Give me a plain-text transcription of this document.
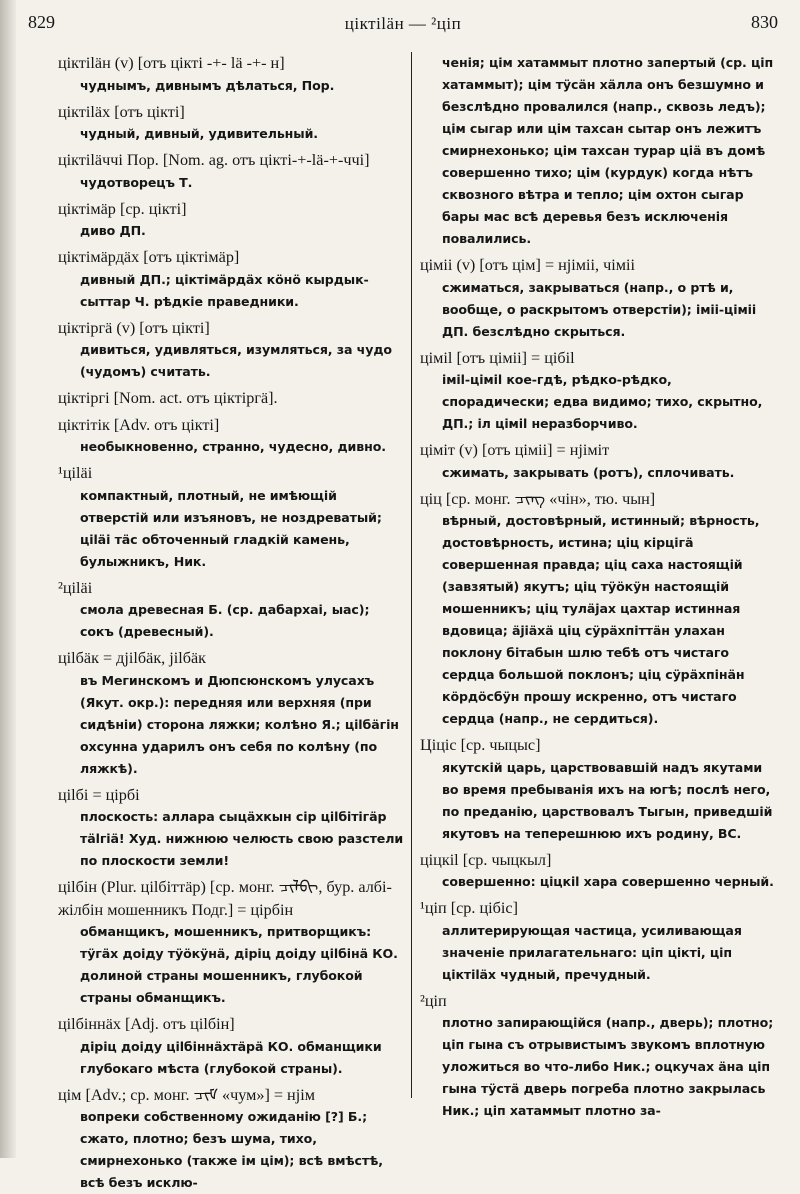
829	цiктiläн — ²цiп	830
цiктiläн (v) [отъ цiкті -+- lä -+- н]
чуднымъ, дивнымъ дѣлаться, Пор.
цiктiläх [отъ цiкті]
чудный, дивный, удивительный.
цiктiläччi Пор. [Nom. ag. отъ цiкті-+-lä-+-ччi]
чудотворецъ Т.
цiктiмäр [ср. цiкті]
диво ДП.
цiктiмäрдäх [отъ цiктiмäр]
дивный ДП.; цiктiмäрдäх кöнö кырдык-сыттар Ч. рѣдкіе праведники.
цiктiргä (v) [отъ цiкті]
дивиться, удивляться, изумляться, за чудо (чудомъ) считать.
цiктiргi [Nom. act. отъ цiктiргä].
цiктiтiк [Adv. отъ цiкті]
необыкновенно, странно, чудесно, дивно.
¹цiläi
компактный, плотный, не имѣющій отверстій или изъяновъ, не ноздреватый; цiläi тäс обточенный гладкій камень, булыжникъ, Ник.
²цiläi
смола древесная Б. (ср. дабархаі, ыас); сокъ (древесный).
цilбäк = дjilбäк, jilбäк
въ Мегинскомъ и Дюпсюнскомъ улусахъ (Якут. окр.): передняя или верхняя (при сидѣніи) сторона ляжки; колѣно Я.; цilбäгiн охсунна ударилъ онъ себя по колѣну (по ляжкѣ).
цilбi = цiрбi
плоскость: аллара сыцäхкын сiр цilбiтiгäр тälгiä! Худ. нижнюю челюсть свою разстели по плоскости земли!
цilбiн (Plur. цilбiттäр) [ср. монг. ᠴᠢᠯᠪᠢ, бур. албі-жілбін мошенникъ Подг.] = цiрбiн
обманщикъ, мошенникъ, притворщикъ: тÿгäх доiду тÿöкÿнä, дiрiц доiду цilбiнä КО. долиной страны мошенникъ, глубокой страны обманщикъ.
цilбiннäх [Adj. отъ цilбiн]
дiрiц доiду цilбiннäхтäрä КО. обманщики глубокаго мѣста (глубокой страны).
цiм [Adv.; ср. монг. ᠴᠢᠮ «чум»] = нjiм
вопреки собственному ожиданію [?] Б.; сжато, плотно; безъ шума, тихо, смирнехонько (также iм цiм); всѣ вмѣстѣ, всѣ безъ исклю-
ченія; цiм хатаммыт плотно запертый (ср. цiп хатаммыт); цiм тÿсäн хäлла онъ безшумно и безслѣдно провалился (напр., сквозь ледъ); цiм сыгар или цiм тахсан сытар онъ лежитъ смирнехонько; цiм тахсан турар цiä въ домѣ совершенно тихо; цiм (курдук) когда нѣтъ сквозного вѣтра и тепло; цiм охтон сыгар бары мас всѣ деревья безъ исключенія повалились.
цiмii (v) [отъ цiм] = нjiмiі, чiмiі
сжиматься, закрываться (напр., о ртѣ и, вообще, о раскрытомъ отверстіи); iмiі-цiмiі ДП. безслѣдно скрыться.
цiмil [отъ цiмiі] = цiбil
iмil-цiмil кое-гдѣ, рѣдко-рѣдко, спорадически; едва видимо; тихо, скрытно, ДП.; iл цiмil неразборчиво.
цiмiт (v) [отъ цiмiі] = нjiмiт
сжимать, закрывать (ротъ), сплочивать.
цiц [ср. монг. ᠴᠢᠩ «чiн», тю. чын]
вѣрный, достовѣрный, истинный; вѣрность, достовѣрность, истина; цiц кiрцiгä совершенная правда; цiц саха настоящій (завзятый) якутъ; цiц тÿöкÿн настоящій мошенникъ; цiц тулäjах цахтар истинная вдовица; äjiäxä цiц сÿрäхпiттäн улахан поклону бiтабын шлю тебѣ отъ чистаго сердца большой поклонъ; цiц сÿрäхпiнäн кöрдöсбÿн прошу искренно, отъ чистаго сердца (напр., не сердиться).
Цiцiс [ср. чыцыс]
якутскій царь, царствовавшій надъ якутами во время пребыванія ихъ на югѣ; послѣ него, по преданію, царствовалъ Тыгын, приведшій якутовъ на теперешнюю ихъ родину, ВС.
цiцкil [ср. чыцкыл]
совершенно: цiцкil хара совершенно черный.
¹цiп [ср. цiбiс]
аллитерирующая частица, усиливающая значеніе прилагательнаго: цiп цiкті, цiп цiктiläх чудный, пречудный.
²цiп
плотно запирающійся (напр., дверь); плотно; цiп гына съ отрывистымъ звукомъ вплотную уложиться во что-либо Ник.; оцкучах äна цiп гына тÿстä дверь погреба плотно закрылась Ник.; цiп хатаммыт плотно за-
